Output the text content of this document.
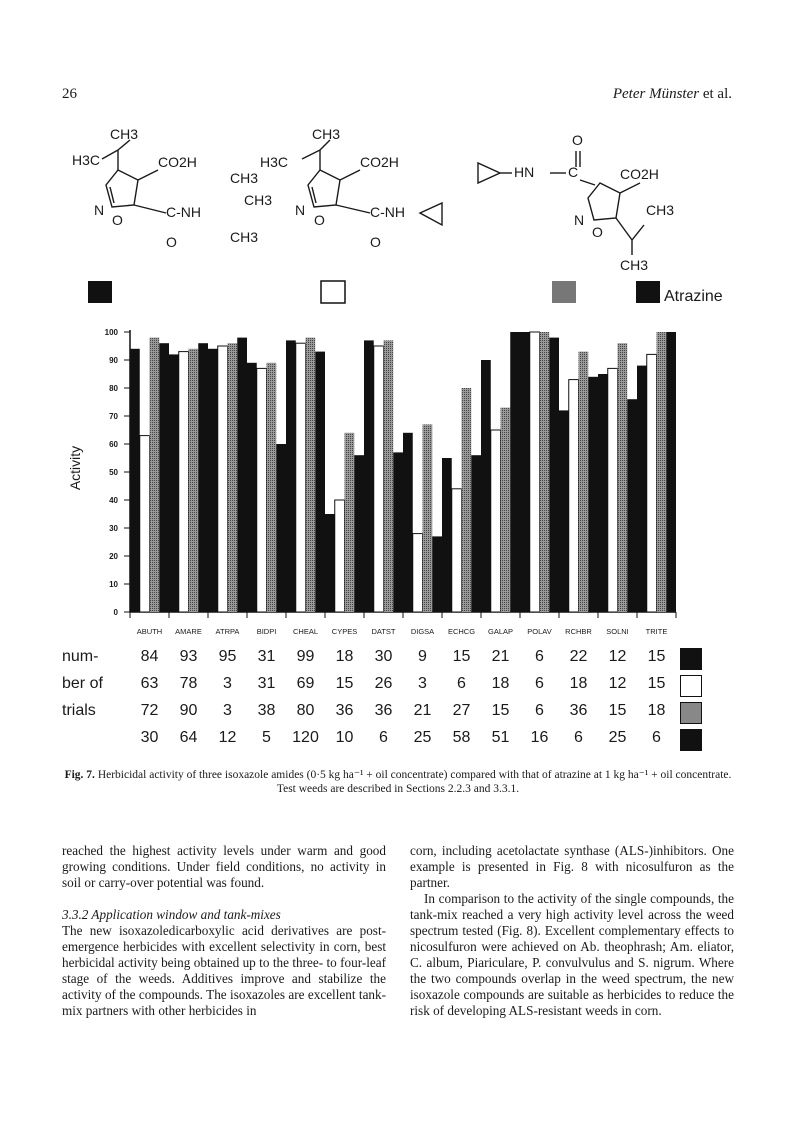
26	Peter Münster et al.
CH3
H3C	CO2H
CH3
CH3
CH3
N
O	C-NH
O
CH3
H3C	CO2H
N
O	C-NH
O
O
HN C	CO2H
CH3
CH3
N
O
Atrazine
Activity
0
10
20
30
40
50
60
70
80
90
100
ABUTH AMARE ATRPA BIDPI CHEAL CYPES DATST DIGSA ECHCG GALAP POLAV RCHBR SOLNI TRITE
num-	84	93	95	31	99	18	30	9	15	21	6	22	12	15
ber of	63	78	3	31	69	15	26	3	6	18	6	18	12	15
trials	72	90	3	38	80	36	36	21	27	15	6	36	15	18
30	64	12	5	120	10	6	25	58	51	16	6	25	6
Fig. 7. Herbicidal activity of three isoxazole amides (0·5 kg ha⁻¹ + oil concentrate) compared with that of atrazine at 1 kg ha⁻¹ + oil concentrate. Test weeds are described in Sections 2.2.3 and 3.3.1.

reached the highest activity levels under warm and good growing conditions. Under field conditions, no activity in soil or carry-over potential was found.

3.3.2 Application window and tank-mixes

The new isoxazoledicarboxylic acid derivatives are post-emergence herbicides with excellent selectivity in corn, best herbicidal activity being obtained up to the three- to four-leaf stage of the weeds. Additives improve and stabilize the activity of the compounds. The isoxazoles are excellent tank-mix partners with other herbicides in

corn, including acetolactate synthase (ALS-)inhibitors. One example is presented in Fig. 8 with nicosulfuron as the partner.

In comparison to the activity of the single compounds, the tank-mix reached a very high activity level across the weed spectrum tested (Fig. 8). Excellent complementary effects to nicosulfuron were achieved on Ab. theophrash; Am. eliator, C. album, Piariculare, P. convulvulus and S. nigrum. Where the two compounds overlap in the weed spectrum, the new isoxazole compounds are suitable as herbicides to reduce the risk of developing ALS-resistant weeds in corn.
